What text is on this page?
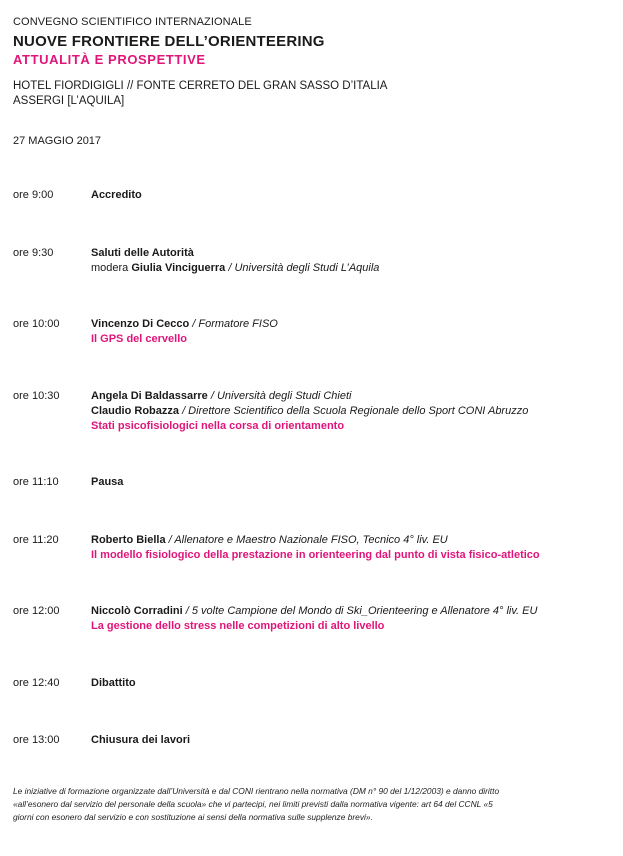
CONVEGNO SCIENTIFICO INTERNAZIONALE
NUOVE FRONTIERE DELL’ORIENTEERING
ATTUALITÀ E PROSPETTIVE
HOTEL FIORDIGIGLI // FONTE CERRETO DEL GRAN SASSO D’ITALIA
ASSERGI [L’AQUILA]
27 MAGGIO 2017
ore 9:00	Accredito
ore 9:30	Saluti delle Autorità
modera Giulia Vinciguerra / Università degli Studi L’Aquila
ore 10:00	Vincenzo Di Cecco / Formatore FISO
Il GPS del cervello
ore 10:30	Angela Di Baldassarre / Università degli Studi Chieti
Claudio Robazza / Direttore Scientifico della Scuola Regionale dello Sport CONI Abruzzo
Stati psicofisiologici nella corsa di orientamento
ore 11:10	Pausa
ore 11:20	Roberto Biella / Allenatore e Maestro Nazionale FISO, Tecnico 4° liv. EU
Il modello fisiologico della prestazione in orienteering dal punto di vista fisico-atletico
ore 12:00	Niccolò Corradini / 5 volte Campione del Mondo di Ski_Orienteering e Allenatore 4° liv. EU
La gestione dello stress nelle competizioni di alto livello
ore 12:40	Dibattito
ore 13:00	Chiusura dei lavori
Le iniziative di formazione organizzate dall’Università e dal CONI rientrano nella normativa (DM n° 90 del 1/12/2003) e danno diritto
«all’esonero dal servizio del personale della scuola» che vi partecipi, nei limiti previsti dalla normativa vigente: art 64 del CCNL «5
giorni con esonero dal servizio e con sostituzione ai sensi della normativa sulle supplenze brevi».
